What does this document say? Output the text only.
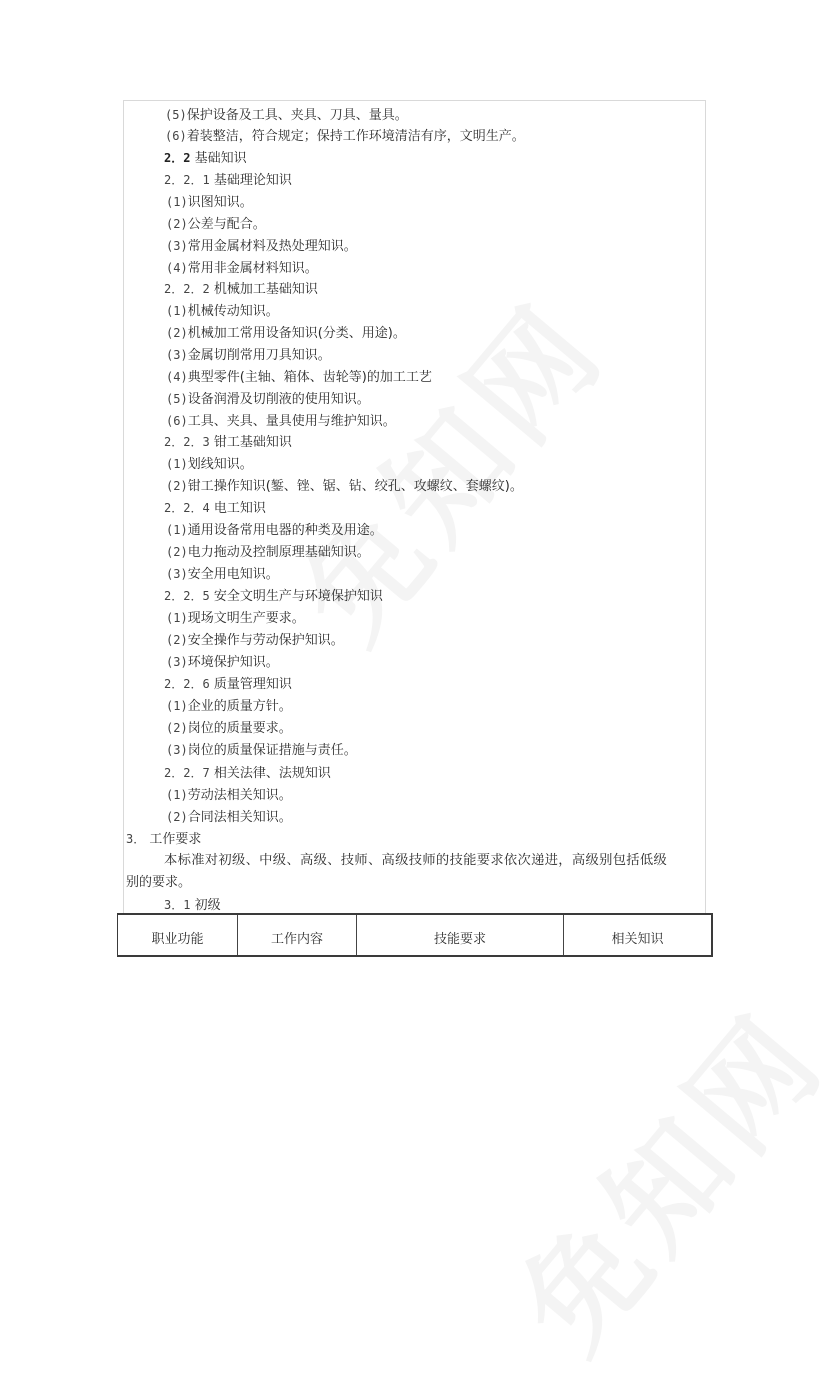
(5)保护设备及工具、夹具、刀具、量具。
(6)着装整洁，符合规定；保持工作环境清洁有序，文明生产。
2．2 基础知识
2．2．1 基础理论知识
(1)识图知识。
(2)公差与配合。
(3)常用金属材料及热处理知识。
(4)常用非金属材料知识。
2．2．2 机械加工基础知识
(1)机械传动知识。
(2)机械加工常用设备知识(分类、用途)。
(3)金属切削常用刀具知识。
(4)典型零件(主轴、箱体、齿轮等)的加工工艺
(5)设备润滑及切削液的使用知识。
(6)工具、夹具、量具使用与维护知识。
2．2．3 钳工基础知识
(1)划线知识。
(2)钳工操作知识(錾、锉、锯、钻、绞孔、攻螺纹、套螺纹)。
2．2．4 电工知识
(1)通用设备常用电器的种类及用途。
(2)电力拖动及控制原理基础知识。
(3)安全用电知识。
2．2．5 安全文明生产与环境保护知识
(1)现场文明生产要求。
(2)安全操作与劳动保护知识。
(3)环境保护知识。
2．2．6 质量管理知识
(1)企业的质量方针。
(2)岗位的质量要求。
(3)岗位的质量保证措施与责任。
2．2．7 相关法律、法规知识
(1)劳动法相关知识。
(2)合同法相关知识。
3． 工作要求
本标准对初级、中级、高级、技师、高级技师的技能要求依次递进，高级别包括低级
别的要求。
3．1 初级
职业功能	工作内容	技能要求	相关知识
